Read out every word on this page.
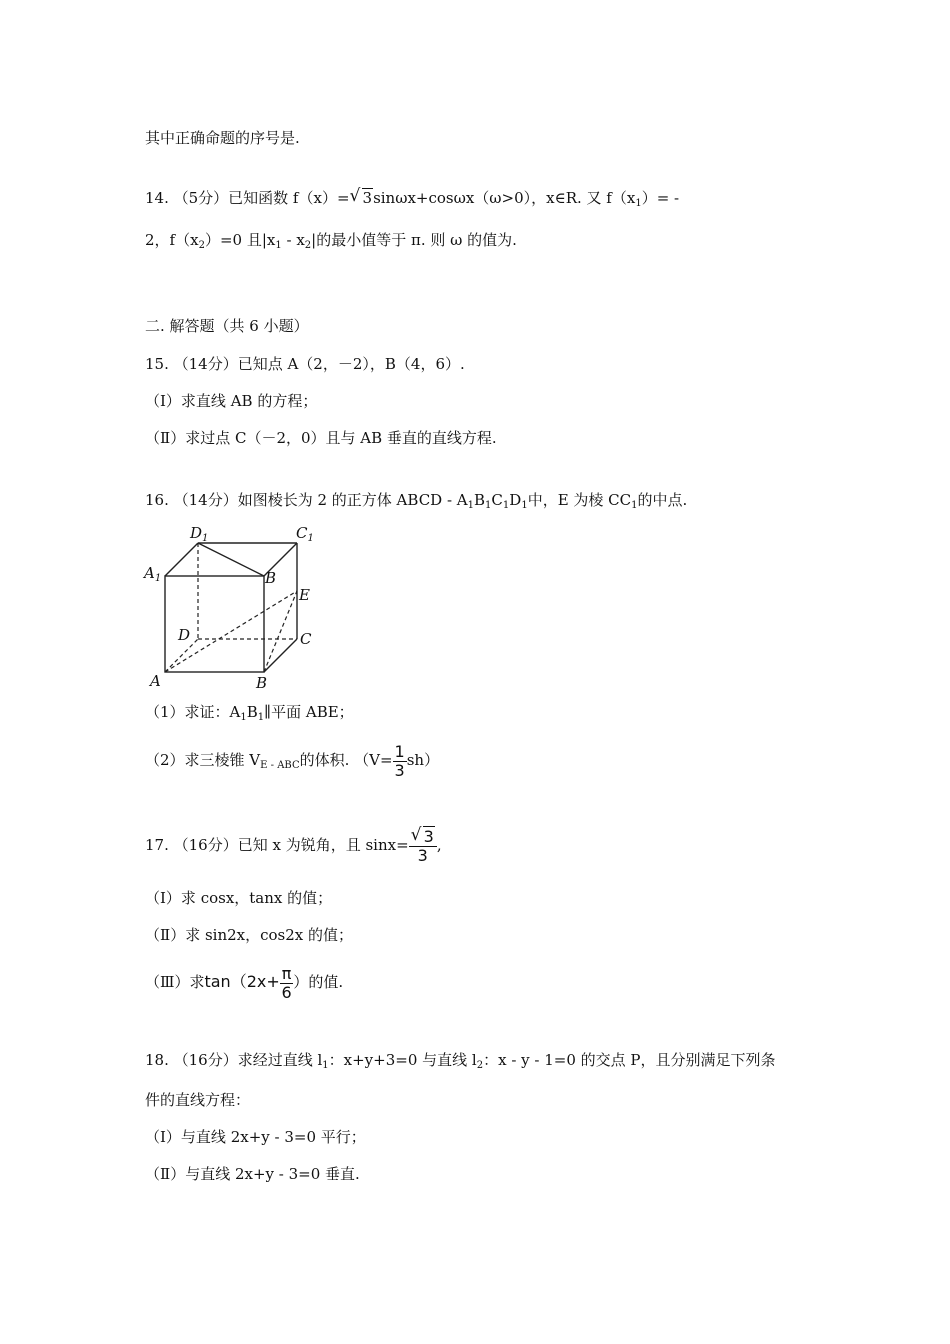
其中正确命题的序号是.
14. （5分）已知函数 f（x）= √ 3sinωx+cosωx（ω>0），x∈R. 又 $f(x_1)=$ -
2，$f(x_2)=0$ 且$|x_1 - x_2|$的最小值等于 π. 则 ω 的值为.
二. 解答题（共 6 小题）
15. （14分）已知点 A（2，－2），B（4，6）.
（Ⅰ）求直线 AB 的方程；
（Ⅱ）求过点 C（－2，0）且与 AB 垂直的直线方程.
16. （14分）如图棱长为 2 的正方体 ABCD - $A_1B_1C_1D_1$中，E 为棱 $CC_1$的中点.
$D_1$	$C_1$
$A_1$	B
E
D	C
A	B
（1）求证：$A_1B_1\parallel$平面 ABE；
（2）求三棱锥 $V_{E - ABC}$的体积. $(V= \frac{1}{3} sh)$
17. （16分）已知 x 为锐角，且 $\sin x= \frac{√ 3}{3}$ ,
（Ⅰ）求 cosx，tanx 的值；
（Ⅱ）求 sin2x，cos2x 的值；
（Ⅲ）求$\tan(2x+ \frac{\pi}{6}$ ）的值.
18. （16分）求经过直线 $l_1$：x+y+3=0 与直线 $l_2$：x - y - 1=0 的交点 P，且分别满足下列条
件的直线方程：
（Ⅰ）与直线 2x+y - 3=0 平行；
（Ⅱ）与直线 2x+y - 3=0 垂直.
